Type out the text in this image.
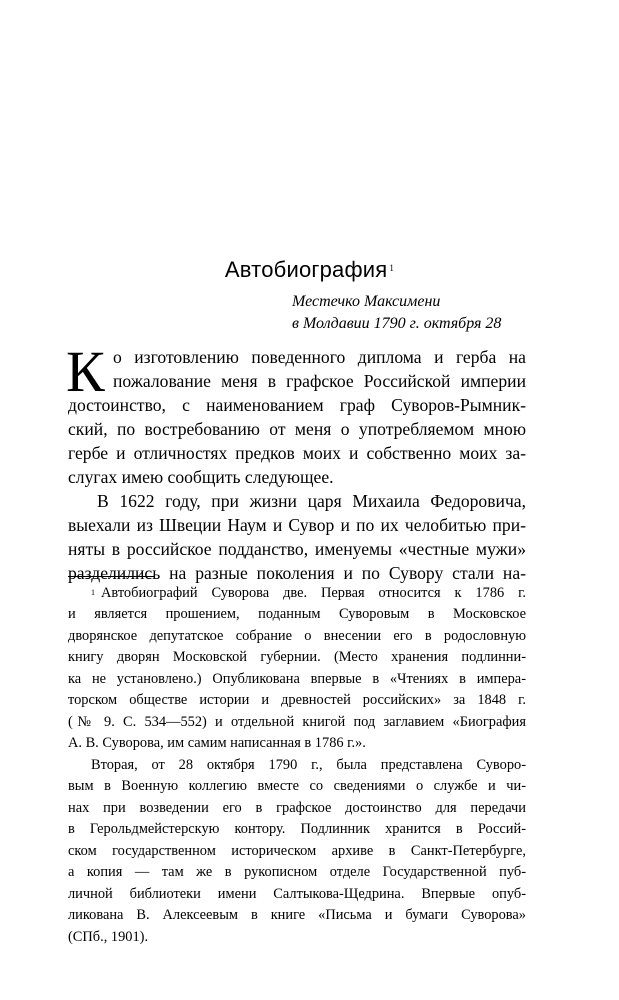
Автобиография $^1$
Местечко Максимени
в Молдавии 1790 г. октября 28
К о изготовлению поведенного диплома и герба на
пожалование меня в графское Российской империи
достоинство, с наименованием граф Суворов-Рымник-
ский, по востребованию от меня о употребляемом мною
гербе и отличностях предков моих и собственно моих за-
слугах имею сообщить следующее.
В 1622 году, при жизни царя Михаила Федоровича,
выехали из Швеции Наум и Сувор и по их челобитью при-
няты в российское подданство, именуемы «честные мужи»
разделились на разные поколения и по Сувору стали на-
$^1$ Автобиографий Суворова две. Первая относится к 1786 г.
и является прошением, поданным Суворовым в Московское
дворянское депутатское собрание о внесении его в родословную
книгу дворян Московской губернии. (Место хранения подлинни-
ка не установлено.) Опубликована впервые в «Чтениях в импера-
торском обществе истории и древностей российских» за 1848 г.
(№ 9. С. 534—552) и отдельной книгой под заглавием «Биография
А. В. Суворова, им самим написанная в 1786 г.».
Вторая, от 28 октября 1790 г., была представлена Суворо-
вым в Военную коллегию вместе со сведениями о службе и чи-
нах при возведении его в графское достоинство для передачи
в Герольдмейстерскую контору. Подлинник хранится в Россий-
ском государственном историческом архиве в Санкт-Петербурге,
а копия — там же в рукописном отделе Государственной пуб-
личной библиотеки имени Салтыкова-Щедрина. Впервые опуб-
ликована В. Алексеевым в книге «Письма и бумаги Суворова»
(СПб., 1901).
